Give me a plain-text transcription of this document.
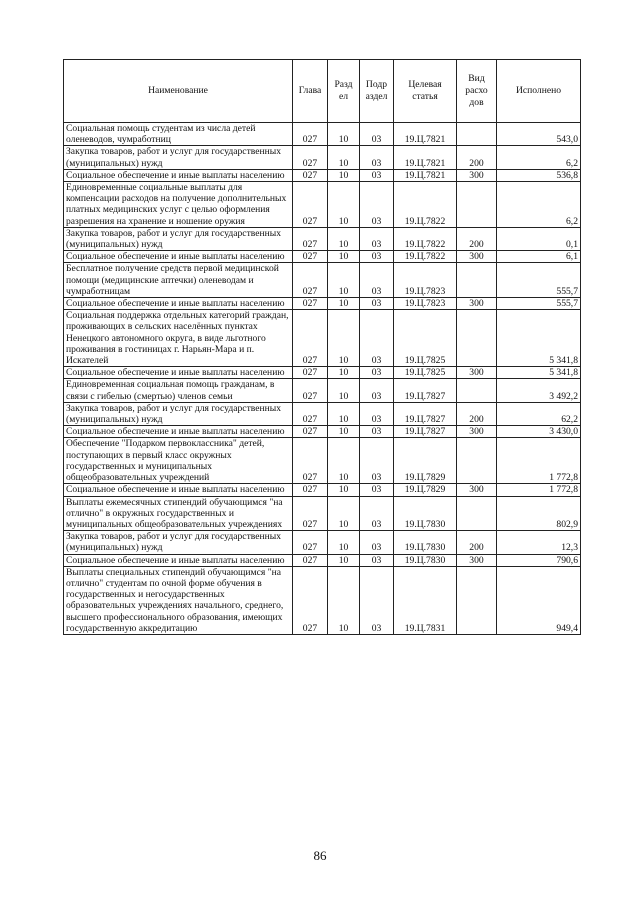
Наименование	Глава	Разд ел	Подр аздел	Целевая статья	Вид расхо дов	Исполнено
Социальная помощь студентам из числа детей оленеводов, чумработниц	027	10	03	19.Ц.7821		543,0
Закупка товаров, работ и услуг для государственных (муниципальных) нужд	027	10	03	19.Ц.7821	200	6,2
Социальное обеспечение и иные выплаты населению	027	10	03	19.Ц.7821	300	536,8
Единовременные социальные выплаты для компенсации расходов на получение дополнительных платных медицинских услуг с целью оформления разрешения на хранение и ношение оружия	027	10	03	19.Ц.7822		6,2
Закупка товаров, работ и услуг для государственных (муниципальных) нужд	027	10	03	19.Ц.7822	200	0,1
Социальное обеспечение и иные выплаты населению	027	10	03	19.Ц.7822	300	6,1
Бесплатное получение средств первой медицинской помощи (медицинские аптечки) оленеводам и чумработницам	027	10	03	19.Ц.7823		555,7
Социальное обеспечение и иные выплаты населению	027	10	03	19.Ц.7823	300	555,7
Социальная поддержка отдельных категорий граждан, проживающих в сельских населённых пунктах Ненецкого автономного округа, в виде льготного проживания в гостиницах г. Нарьян-Мара и п. Искателей	027	10	03	19.Ц.7825		5 341,8
Социальное обеспечение и иные выплаты населению	027	10	03	19.Ц.7825	300	5 341,8
Единовременная социальная помощь гражданам, в связи с гибелью (смертью) членов семьи	027	10	03	19.Ц.7827		3 492,2
Закупка товаров, работ и услуг для государственных (муниципальных) нужд	027	10	03	19.Ц.7827	200	62,2
Социальное обеспечение и иные выплаты населению	027	10	03	19.Ц.7827	300	3 430,0
Обеспечение "Подарком первоклассника" детей, поступающих в первый класс окружных государственных и муниципальных общеобразовательных учреждений	027	10	03	19.Ц.7829		1 772,8
Социальное обеспечение и иные выплаты населению	027	10	03	19.Ц.7829	300	1 772,8
Выплаты ежемесячных стипендий обучающимся "на отлично" в окружных государственных и муниципальных общеобразовательных учреждениях	027	10	03	19.Ц.7830		802,9
Закупка товаров, работ и услуг для государственных (муниципальных) нужд	027	10	03	19.Ц.7830	200	12,3
Социальное обеспечение и иные выплаты населению	027	10	03	19.Ц.7830	300	790,6
Выплаты специальных стипендий обучающимся "на отлично" студентам по очной форме обучения в государственных и негосударственных образовательных учреждениях начального, среднего, высшего профессионального образования, имеющих государственную аккредитацию	027	10	03	19.Ц.7831		949,4
86
